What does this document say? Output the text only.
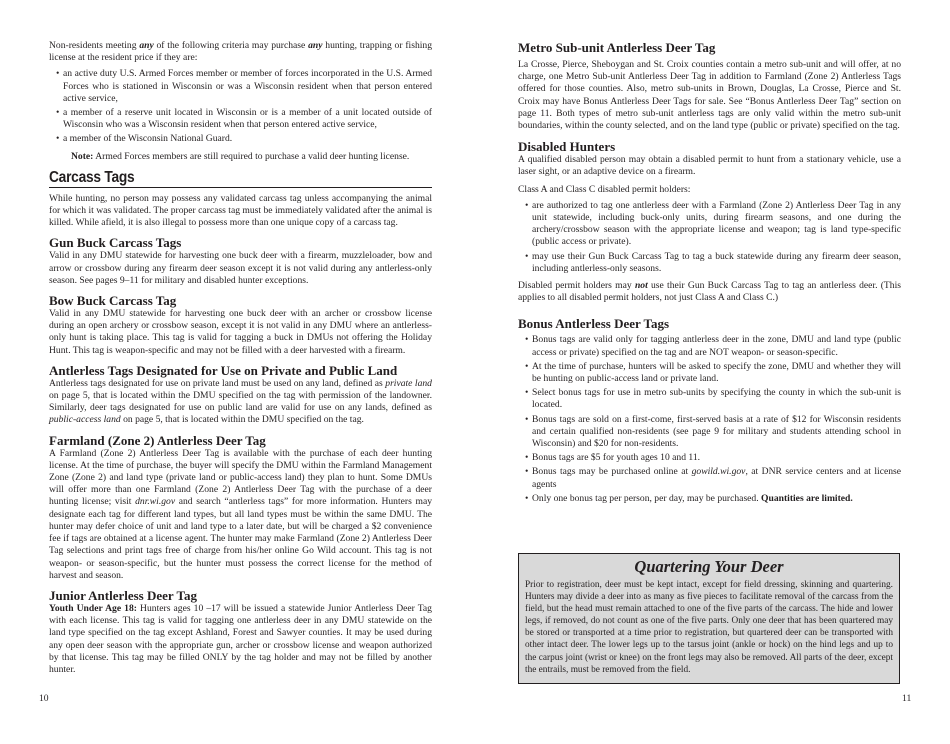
Non-residents meeting any of the following criteria may purchase any hunting, trapping or fishing license at the resident price if they are:

• an active duty U.S. Armed Forces member or member of forces incorporated in the U.S. Armed Forces who is stationed in Wisconsin or was a Wisconsin resident when that person entered active service,
• a member of a reserve unit located in Wisconsin or is a member of a unit located outside of Wisconsin who was a Wisconsin resident when that person entered active service,
• a member of the Wisconsin National Guard.

Note: Armed Forces members are still required to purchase a valid deer hunting license.

Carcass Tags

While hunting, no person may possess any validated carcass tag unless accompanying the animal for which it was validated. The proper carcass tag must be immediately validated after the animal is killed. While afield, it is also illegal to possess more than one unique copy of a carcass tag.

Gun Buck Carcass Tags

Valid in any DMU statewide for harvesting one buck deer with a firearm, muzzleloader, bow and arrow or crossbow during any firearm deer season except it is not valid during any antlerless-only season. See pages 9–11 for military and disabled hunter exceptions.

Bow Buck Carcass Tag

Valid in any DMU statewide for harvesting one buck deer with an archer or crossbow license during an open archery or crossbow season, except it is not valid in any DMU where an antlerless-only hunt is taking place. This tag is valid for tagging a buck in DMUs not offering the Holiday Hunt. This tag is weapon-specific and may not be filled with a deer harvested with a firearm.

Antlerless Tags Designated for Use on Private and Public Land

Antlerless tags designated for use on private land must be used on any land, defined as private land on page 5, that is located within the DMU specified on the tag with permission of the landowner. Similarly, deer tags designated for use on public land are valid for use on any lands, defined as public-access land on page 5, that is located within the DMU specified on the tag.

Farmland (Zone 2) Antlerless Deer Tag

A Farmland (Zone 2) Antlerless Deer Tag is available with the purchase of each deer hunting license. At the time of purchase, the buyer will specify the DMU within the Farmland Management Zone (Zone 2) and land type (private land or public-access land) they plan to hunt. Some DMUs will offer more than one Farmland (Zone 2) Antlerless Deer Tag with the purchase of a deer hunting license; visit dnr.wi.gov and search “antlerless tags” for more information. Hunters may designate each tag for different land types, but all land types must be within the same DMU. The hunter may defer choice of unit and land type to a later date, but will be charged a $2 convenience fee if tags are obtained at a license agent. The hunter may make Farmland (Zone 2) Antlerless Deer Tag selections and print tags free of charge from his/her online Go Wild account. This tag is not weapon- or season-specific, but the hunter must possess the correct license for the method of harvest and season.

Junior Antlerless Deer Tag

Youth Under Age 18: Hunters ages 10 –17 will be issued a statewide Junior Antlerless Deer Tag with each license. This tag is valid for tagging one antlerless deer in any DMU statewide on the land type specified on the tag except Ashland, Forest and Sawyer counties. It may be used during any open deer season with the appropriate gun, archer or crossbow license and weapon authorized by that license. This tag may be filled ONLY by the tag holder and may not be filled by another hunter.

10
Metro Sub-unit Antlerless Deer Tag

La Crosse, Pierce, Sheboygan and St. Croix counties contain a metro sub-unit and will offer, at no charge, one Metro Sub-unit Antlerless Deer Tag in addition to Farmland (Zone 2) Antlerless Tags offered for those counties. Also, metro sub-units in Brown, Douglas, La Crosse, Pierce and St. Croix may have Bonus Antlerless Deer Tags for sale. See “Bonus Antlerless Deer Tag” section on page 11. Both types of metro sub-unit antlerless tags are only valid within the metro sub-unit boundaries, within the county selected, and on the land type (public or private) specified on the tag.

Disabled Hunters

A qualified disabled person may obtain a disabled permit to hunt from a stationary vehicle, use a laser sight, or an adaptive device on a firearm.

Class A and Class C disabled permit holders:

• are authorized to tag one antlerless deer with a Farmland (Zone 2) Antlerless Deer Tag in any unit statewide, including buck-only units, during firearm seasons, and one during the archery/crossbow season with the appropriate license and weapon; tag is land type-specific (public access or private).
• may use their Gun Buck Carcass Tag to tag a buck statewide during any firearm deer season, including antlerless-only seasons.

Disabled permit holders may not use their Gun Buck Carcass Tag to tag an antlerless deer. (This applies to all disabled permit holders, not just Class A and Class C.)

Bonus Antlerless Deer Tags
• Bonus tags are valid only for tagging antlerless deer in the zone, DMU and land type (public access or private) specified on the tag and are NOT weapon- or season-specific.
• At the time of purchase, hunters will be asked to specify the zone, DMU and whether they will be hunting on public-access land or private land.
• Select bonus tags for use in metro sub-units by specifying the county in which the sub-unit is located.
• Bonus tags are sold on a first-come, first-served basis at a rate of $12 for Wisconsin residents and certain qualified non-residents (see page 9 for military and students attending school in Wisconsin) and $20 for non-residents.
• Bonus tags are $5 for youth ages 10 and 11.
• Bonus tags may be purchased online at gowild.wi.gov, at DNR service centers and at license agents
• Only one bonus tag per person, per day, may be purchased. Quantities are limited.
Quartering Your Deer

Prior to registration, deer must be kept intact, except for field dressing, skinning and quartering. Hunters may divide a deer into as many as five pieces to facilitate removal of the carcass from the field, but the head must remain attached to one of the five parts of the carcass. The hide and lower legs, if removed, do not count as one of the five parts. Only one deer that has been quartered may be stored or transported at a time prior to registration, but quartered deer can be transported with other intact deer. The lower legs up to the tarsus joint (ankle or hock) on the hind legs and up to the carpus joint (wrist or knee) on the front legs may also be removed. All parts of the deer, except the entrails, must be removed from the field.

11
